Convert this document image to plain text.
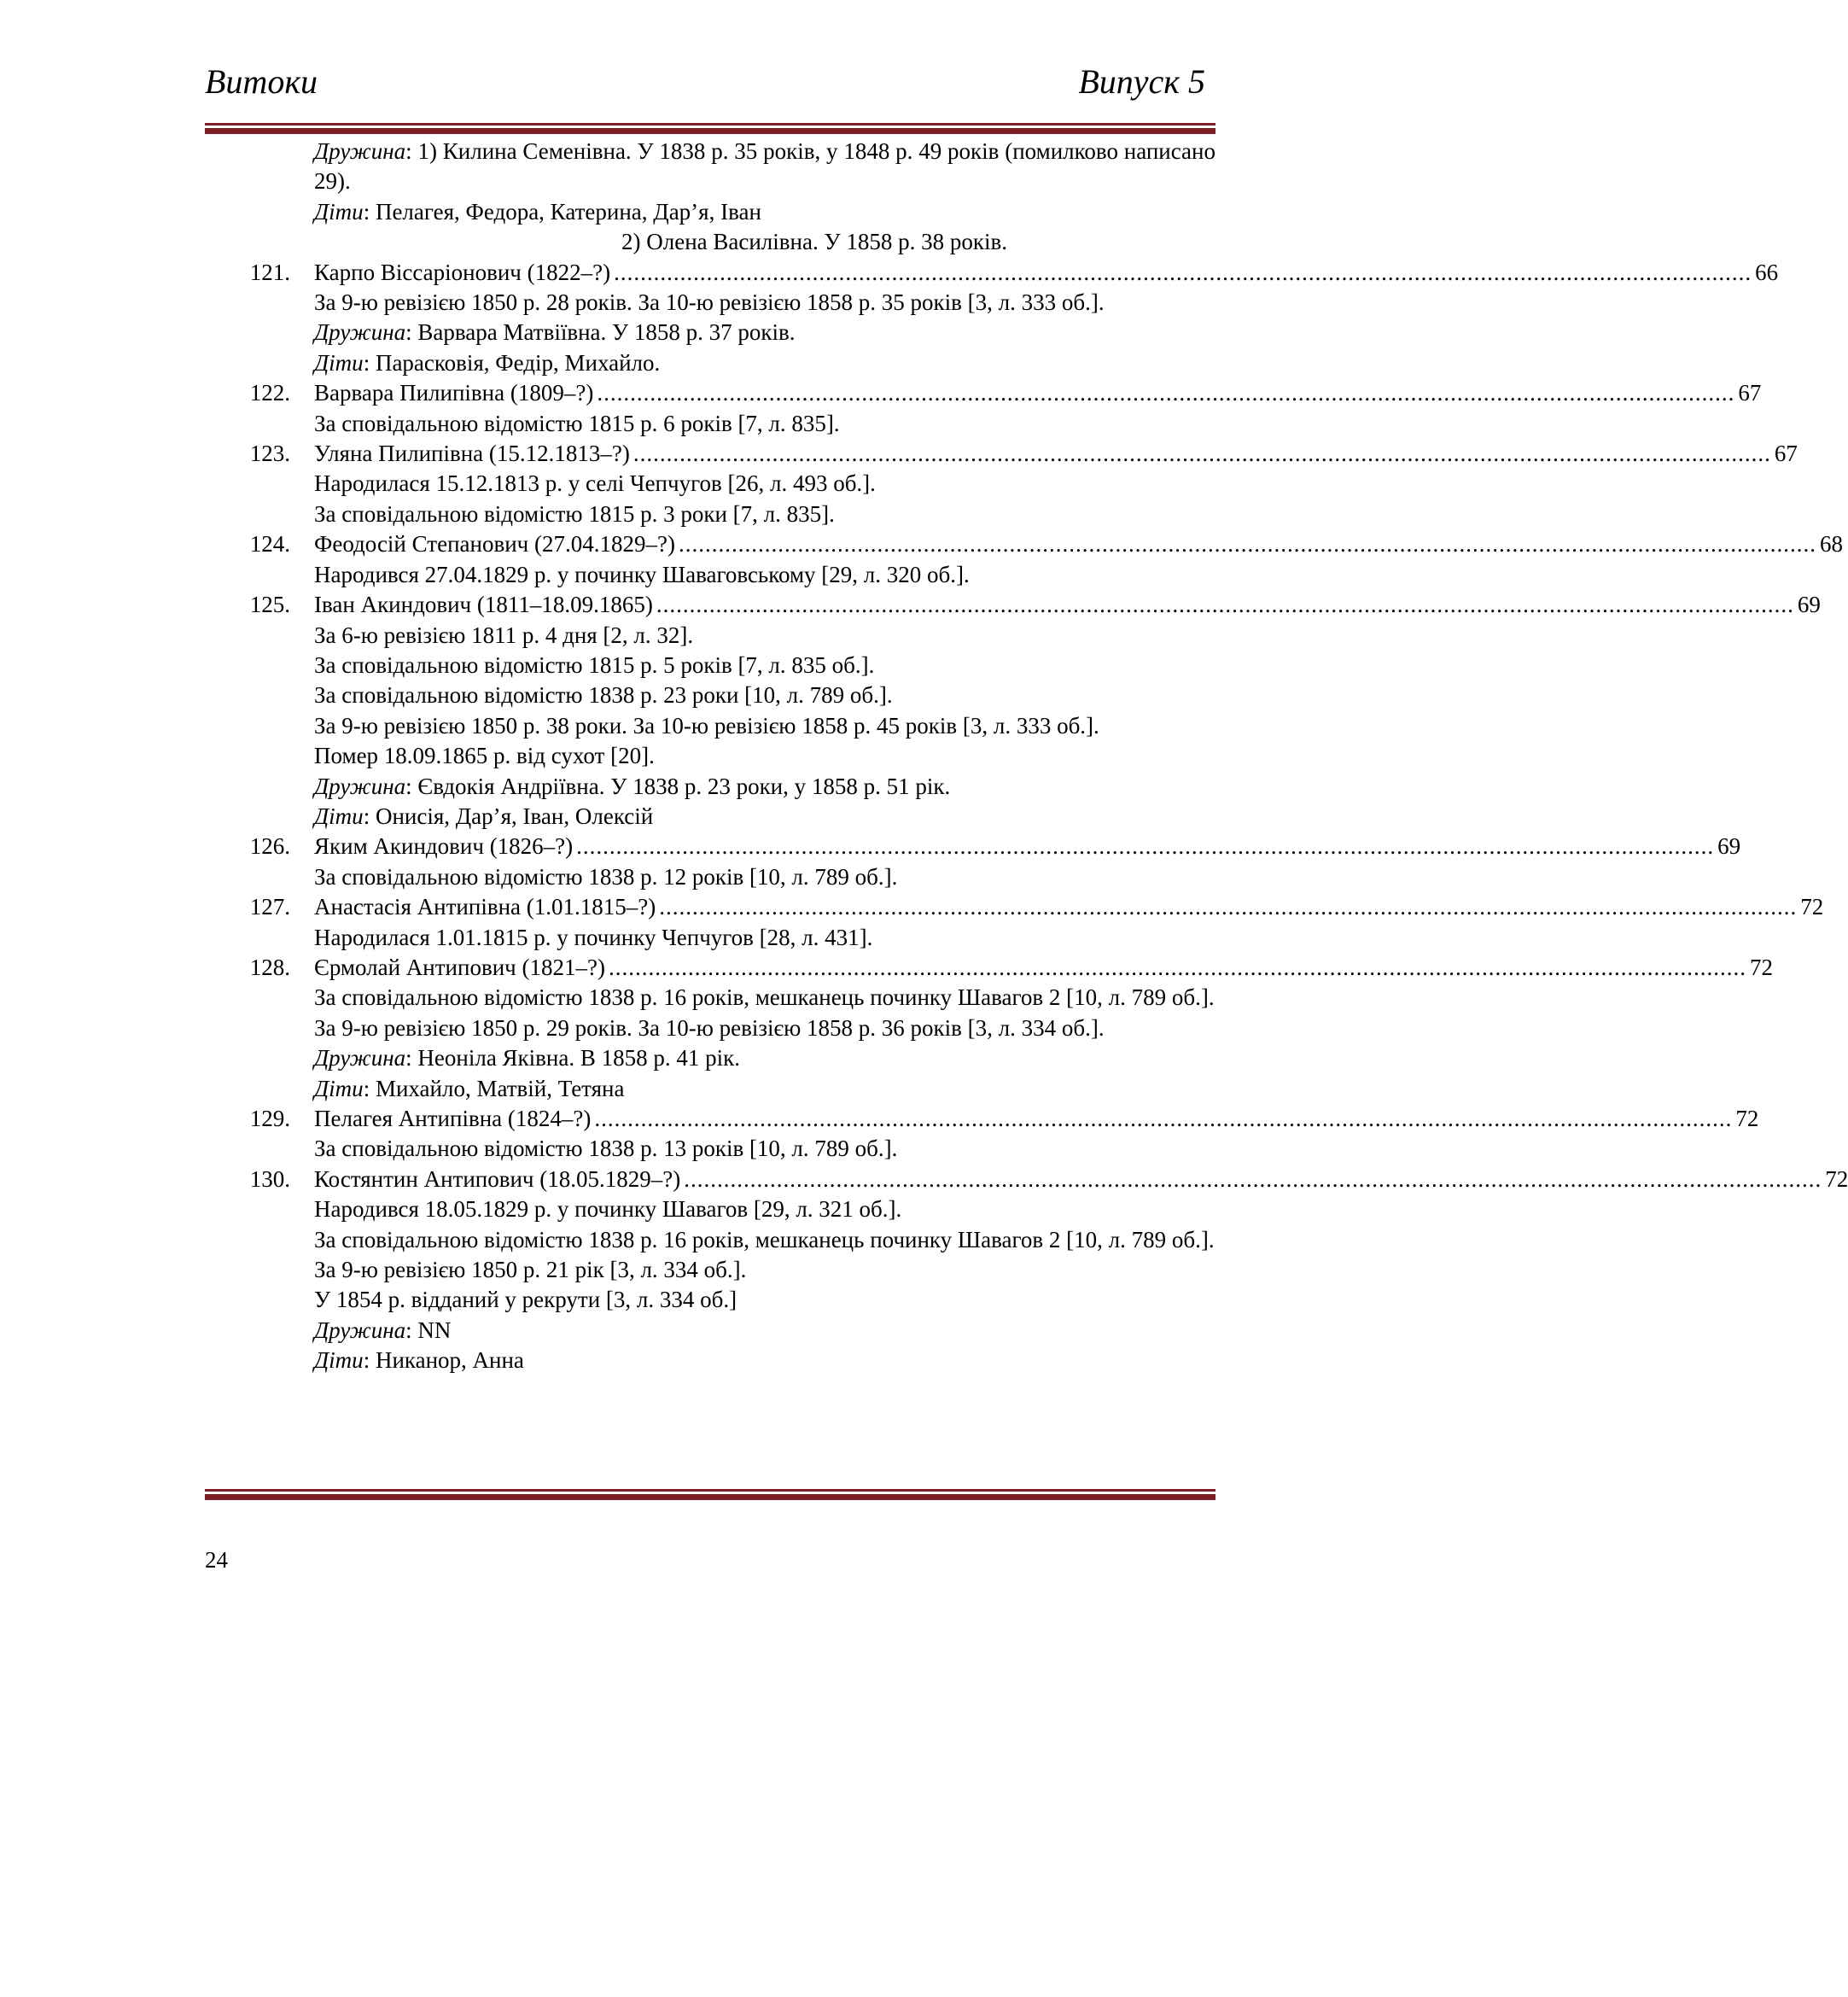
Витоки	Випуск 5
Дружина: 1) Килина Семенівна. У 1838 р. 35 років, у 1848 р. 49 років (помилково написано 29).
Діти: Пелагея, Федора, Катерина, Дар’я, Іван
2) Олена Василівна. У 1858 р. 38 років.
121.	Карпо Віссаріонович (1822–?) .....	66
За 9-ю ревізією 1850 р. 28 років. За 10-ю ревізією 1858 р. 35 років [3, л. 333 об.].
Дружина: Варвара Матвіївна. У 1858 р. 37 років.
Діти: Парасковія, Федір, Михайло.
122.	Варвара Пилипівна (1809–?) .....	67
За сповідальною відомістю 1815 р. 6 років [7, л. 835].
123.	Уляна Пилипівна (15.12.1813–?) .....	67
Народилася 15.12.1813 р. у селі Чепчугов [26, л. 493 об.].
За сповідальною відомістю 1815 р. 3 роки [7, л. 835].
124.	Феодосій Степанович (27.04.1829–?) .....	68
Народився 27.04.1829 р. у починку Шаваговському [29, л. 320 об.].
125.	Іван Акиндович (1811–18.09.1865) .....	69
За 6-ю ревізією 1811 р. 4 дня [2, л. 32].
За сповідальною відомістю 1815 р. 5 років [7, л. 835 об.].
За сповідальною відомістю 1838 р. 23 роки [10, л. 789 об.].
За 9-ю ревізією 1850 р. 38 роки. За 10-ю ревізією 1858 р. 45 років [3, л. 333 об.].
Помер 18.09.1865 р. від сухот [20].
Дружина: Євдокія Андріївна. У 1838 р. 23 роки, у 1858 р. 51 рік.
Діти: Онисія, Дар’я, Іван, Олексій
126.	Яким Акиндович (1826–?) .....	69
За сповідальною відомістю 1838 р. 12 років [10, л. 789 об.].
127.	Анастасія Антипівна (1.01.1815–?) .....	72
Народилася 1.01.1815 р. у починку Чепчугов [28, л. 431].
128.	Єрмолай Антипович (1821–?) .....	72
За сповідальною відомістю 1838 р. 16 років, мешканець починку Шавагов 2 [10, л. 789 об.].
За 9-ю ревізією 1850 р. 29 років. За 10-ю ревізією 1858 р. 36 років [3, л. 334 об.].
Дружина: Неоніла Яківна. В 1858 р. 41 рік.
Діти: Михайло, Матвій, Тетяна
129.	Пелагея Антипівна (1824–?) .....	72
За сповідальною відомістю 1838 р. 13 років [10, л. 789 об.].
130.	Костянтин Антипович (18.05.1829–?) .....	72
Народився 18.05.1829 р. у починку Шавагов [29, л. 321 об.].
За сповідальною відомістю 1838 р. 16 років, мешканець починку Шавагов 2 [10, л. 789 об.].
За 9-ю ревізією 1850 р. 21 рік [3, л. 334 об.].
У 1854 р. відданий у рекрути [3, л. 334 об.]
Дружина: NN
Діти: Никанор, Анна
24
